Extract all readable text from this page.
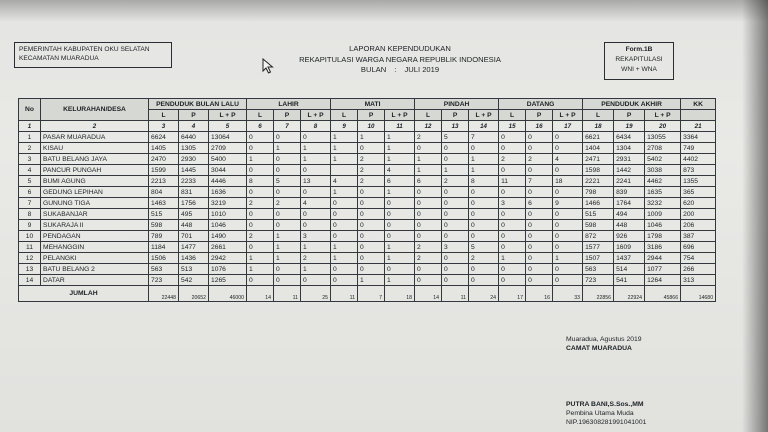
PEMERINTAH KABUPATEN OKU SELATAN
KECAMATAN MUARADUA
LAPORAN KEPENDUDUKAN
REKAPITULASI WARGA NEGARA REPUBLIK INDONESIA
BULAN : JULI 2019
Form.1B
REKAPITULASI
WNI + WNA
No	KELURAHAN/DESA	PENDUDUK BULAN LALU			LAHIR			MATI			PINDAH			DATANG			PENDUDUK AKHIR			KK
		L	P	L + P	L	P	L + P	L	P	L + P	L	P	L + P	L	P	L + P	L	P	L + P	
1	2	3	4	5	6	7	8	9	10	11	12	13	14	15	16	17	18	19	20	21
1	PASAR MUARADUA	6624	6440	13064	0	0	0	1	1	1	2	5	7	0	0	0	6621	6434	13055	3364
2	KISAU	1405	1305	2709	0	1	1	1	0	1	0	0	0	0	0	0	1404	1304	2708	749
3	BATU BELANG JAYA	2470	2930	5400	1	0	1	1	2	1	1	0	1	2	2	4	2471	2931	5402	4402
4	PANCUR PUNGAH	1599	1445	3044	0	0	0		2	4	1	1	1	0	0	0	1598	1442	3038	873
5	BUMI AGUNG	2213	2233	4446	8	5	13	4	2	6	6	2	8	11	7	18	2221	2241	4462	1355
6	GEDUNG LEPIHAN	804	831	1636	0	0	0	1	0	1	0	0	0	0	0	0	798	839	1635	365
7	GUNUNG TIGA	1463	1756	3219	2	2	4	0	0	0	0	0	0	3	6	9	1466	1764	3232	620
8	SUKABANJAR	515	495	1010	0	0	0	0	0	0	0	0	0	0	0	0	515	494	1009	200
9	SUKARAJA II	598	448	1046	0	0	0	0	0	0	0	0	0	0	0	0	598	448	1046	206
10	PENDAGAN	789	701	1490	2	1	3	0	0	0	0	0	0	0	0	0	872	926	1798	387
11	MEHANGGIN	1184	1477	2661	0	1	1	1	0	1	2	3	5	0	0	0	1577	1609	3186	696
12	PELANGKI	1506	1436	2942	1	1	2	1	0	1	2	0	2	1	0	1	1507	1437	2944	754
13	BATU BELANG 2	563	513	1076	1	0	1	0	0	0	0	0	0	0	0	0	563	514	1077	266
14	DATAR	723	542	1265	0	0	0	0	1	1	0	0	0	0	0	0	723	541	1264	313
JUMLAH		22448	20652	46000	14	11	25	11	7	18	14	11	24	17	16	33	22856	22924	45866	14680
Muaradua, Agustus 2019
CAMAT MUARADUA
PUTRA BANI,S.Sos.,MM
Pembina Utama Muda
NIP.196308281991041001
